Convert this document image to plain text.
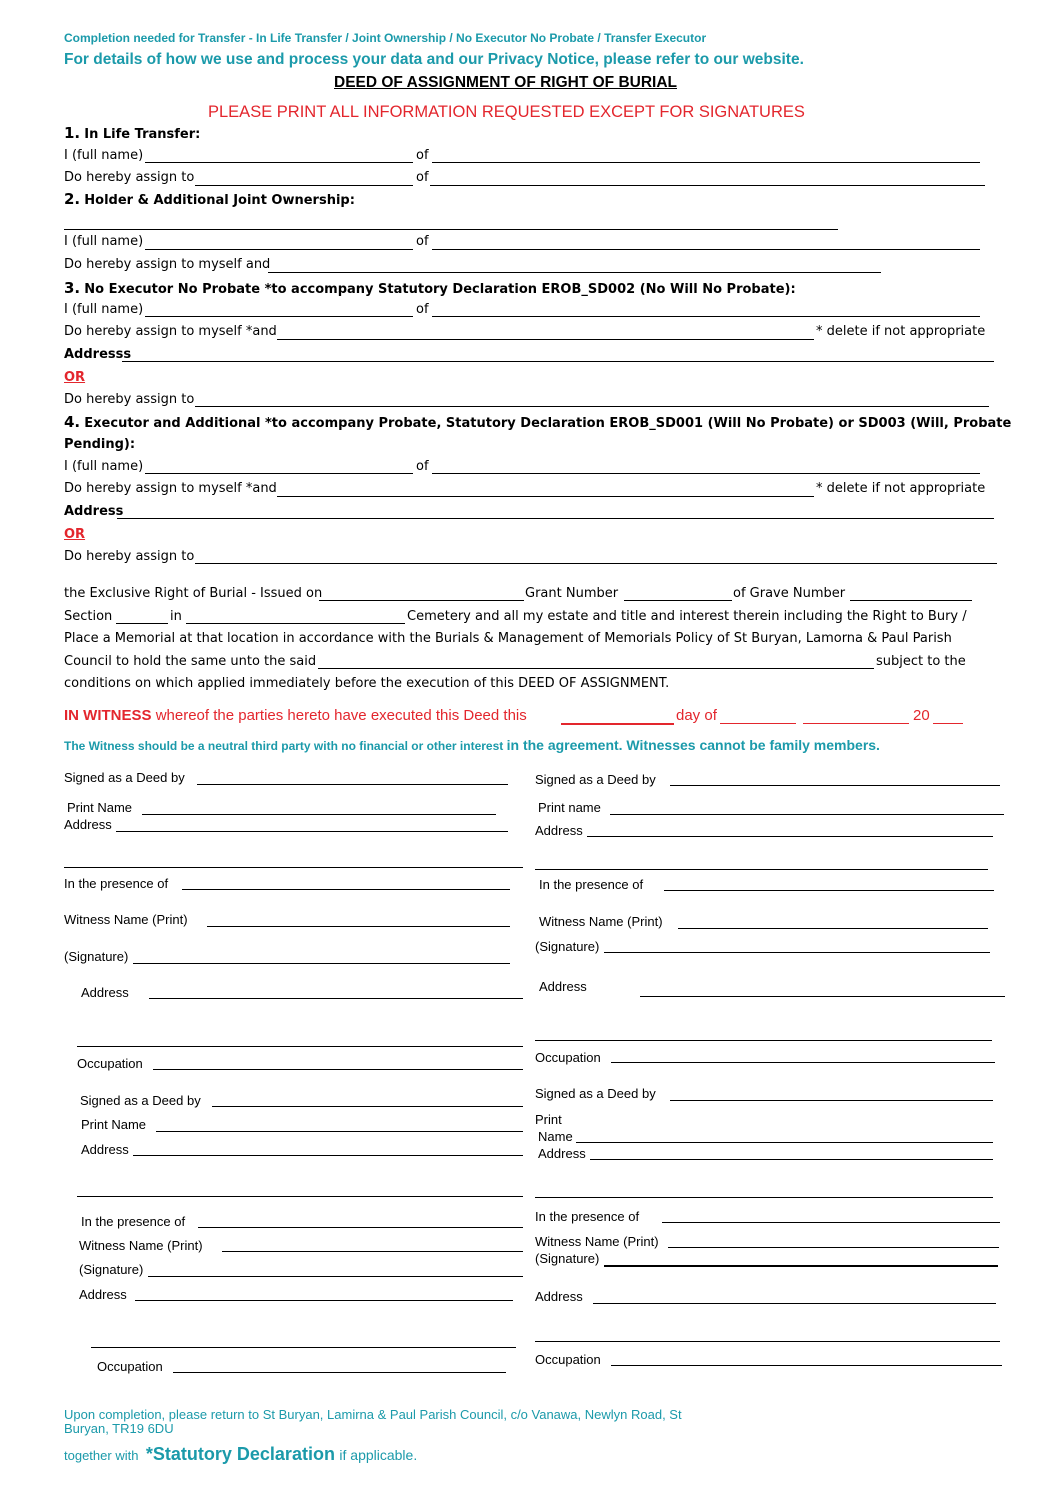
Completion needed for Transfer - In Life Transfer / Joint Ownership / No Executor No Probate / Transfer Executor
For details of how we use and process your data and our Privacy Notice, please refer to our website.
DEED OF ASSIGNMENT OF RIGHT OF BURIAL
PLEASE PRINT ALL INFORMATION REQUESTED EXCEPT FOR SIGNATURES
1. In Life Transfer:
I (full name)	of
Do hereby assign to	of
2. Holder & Additional Joint Ownership:
I (full name)	of
Do hereby assign to myself and
3. No Executor No Probate *to accompany Statutory Declaration EROB_SD002 (No Will No Probate):
I (full name)	of
Do hereby assign to myself *and	* delete if not appropriate
Addresss
OR
Do hereby assign to
4. Executor and Additional *to accompany Probate, Statutory Declaration EROB_SD001 (Will No Probate) or SD003 (Will, Probate
Pending):
I (full name)	of
Do hereby assign to myself *and	* delete if not appropriate
Address
OR
Do hereby assign to
the Exclusive Right of Burial - Issued on	Grant Number	of Grave Number
Section	in	Cemetery and all my estate and title and interest therein including the Right to Bury /
Place a Memorial at that location in accordance with the Burials & Management of Memorials Policy of St Buryan, Lamorna & Paul Parish
Council to hold the same unto the said	subject to the
conditions on which applied immediately before the execution of this DEED OF ASSIGNMENT.
IN WITNESS whereof the parties hereto have executed this Deed this	day of	20
The Witness should be a neutral third party with no financial or other interest in the agreement. Witnesses cannot be family members.
Signed as a Deed by
Print Name
Address
In the presence of
Witness Name (Print)
(Signature)
Address
Occupation
Signed as a Deed by
Print name
Address
In the presence of
Witness Name (Print)
(Signature)
Address
Occupation
Signed as a Deed by
Print Name
Address
In the presence of
Witness Name (Print)
(Signature)
Address
Occupation
Signed as a Deed by
Print
Name
Address
In the presence of
Witness Name (Print)
(Signature)
Address
Occupation
Upon completion, please return to St Buryan, Lamirna & Paul Parish Council, c/o Vanawa, Newlyn Road, St
Buryan, TR19 6DU
together with *Statutory Declaration if applicable.
